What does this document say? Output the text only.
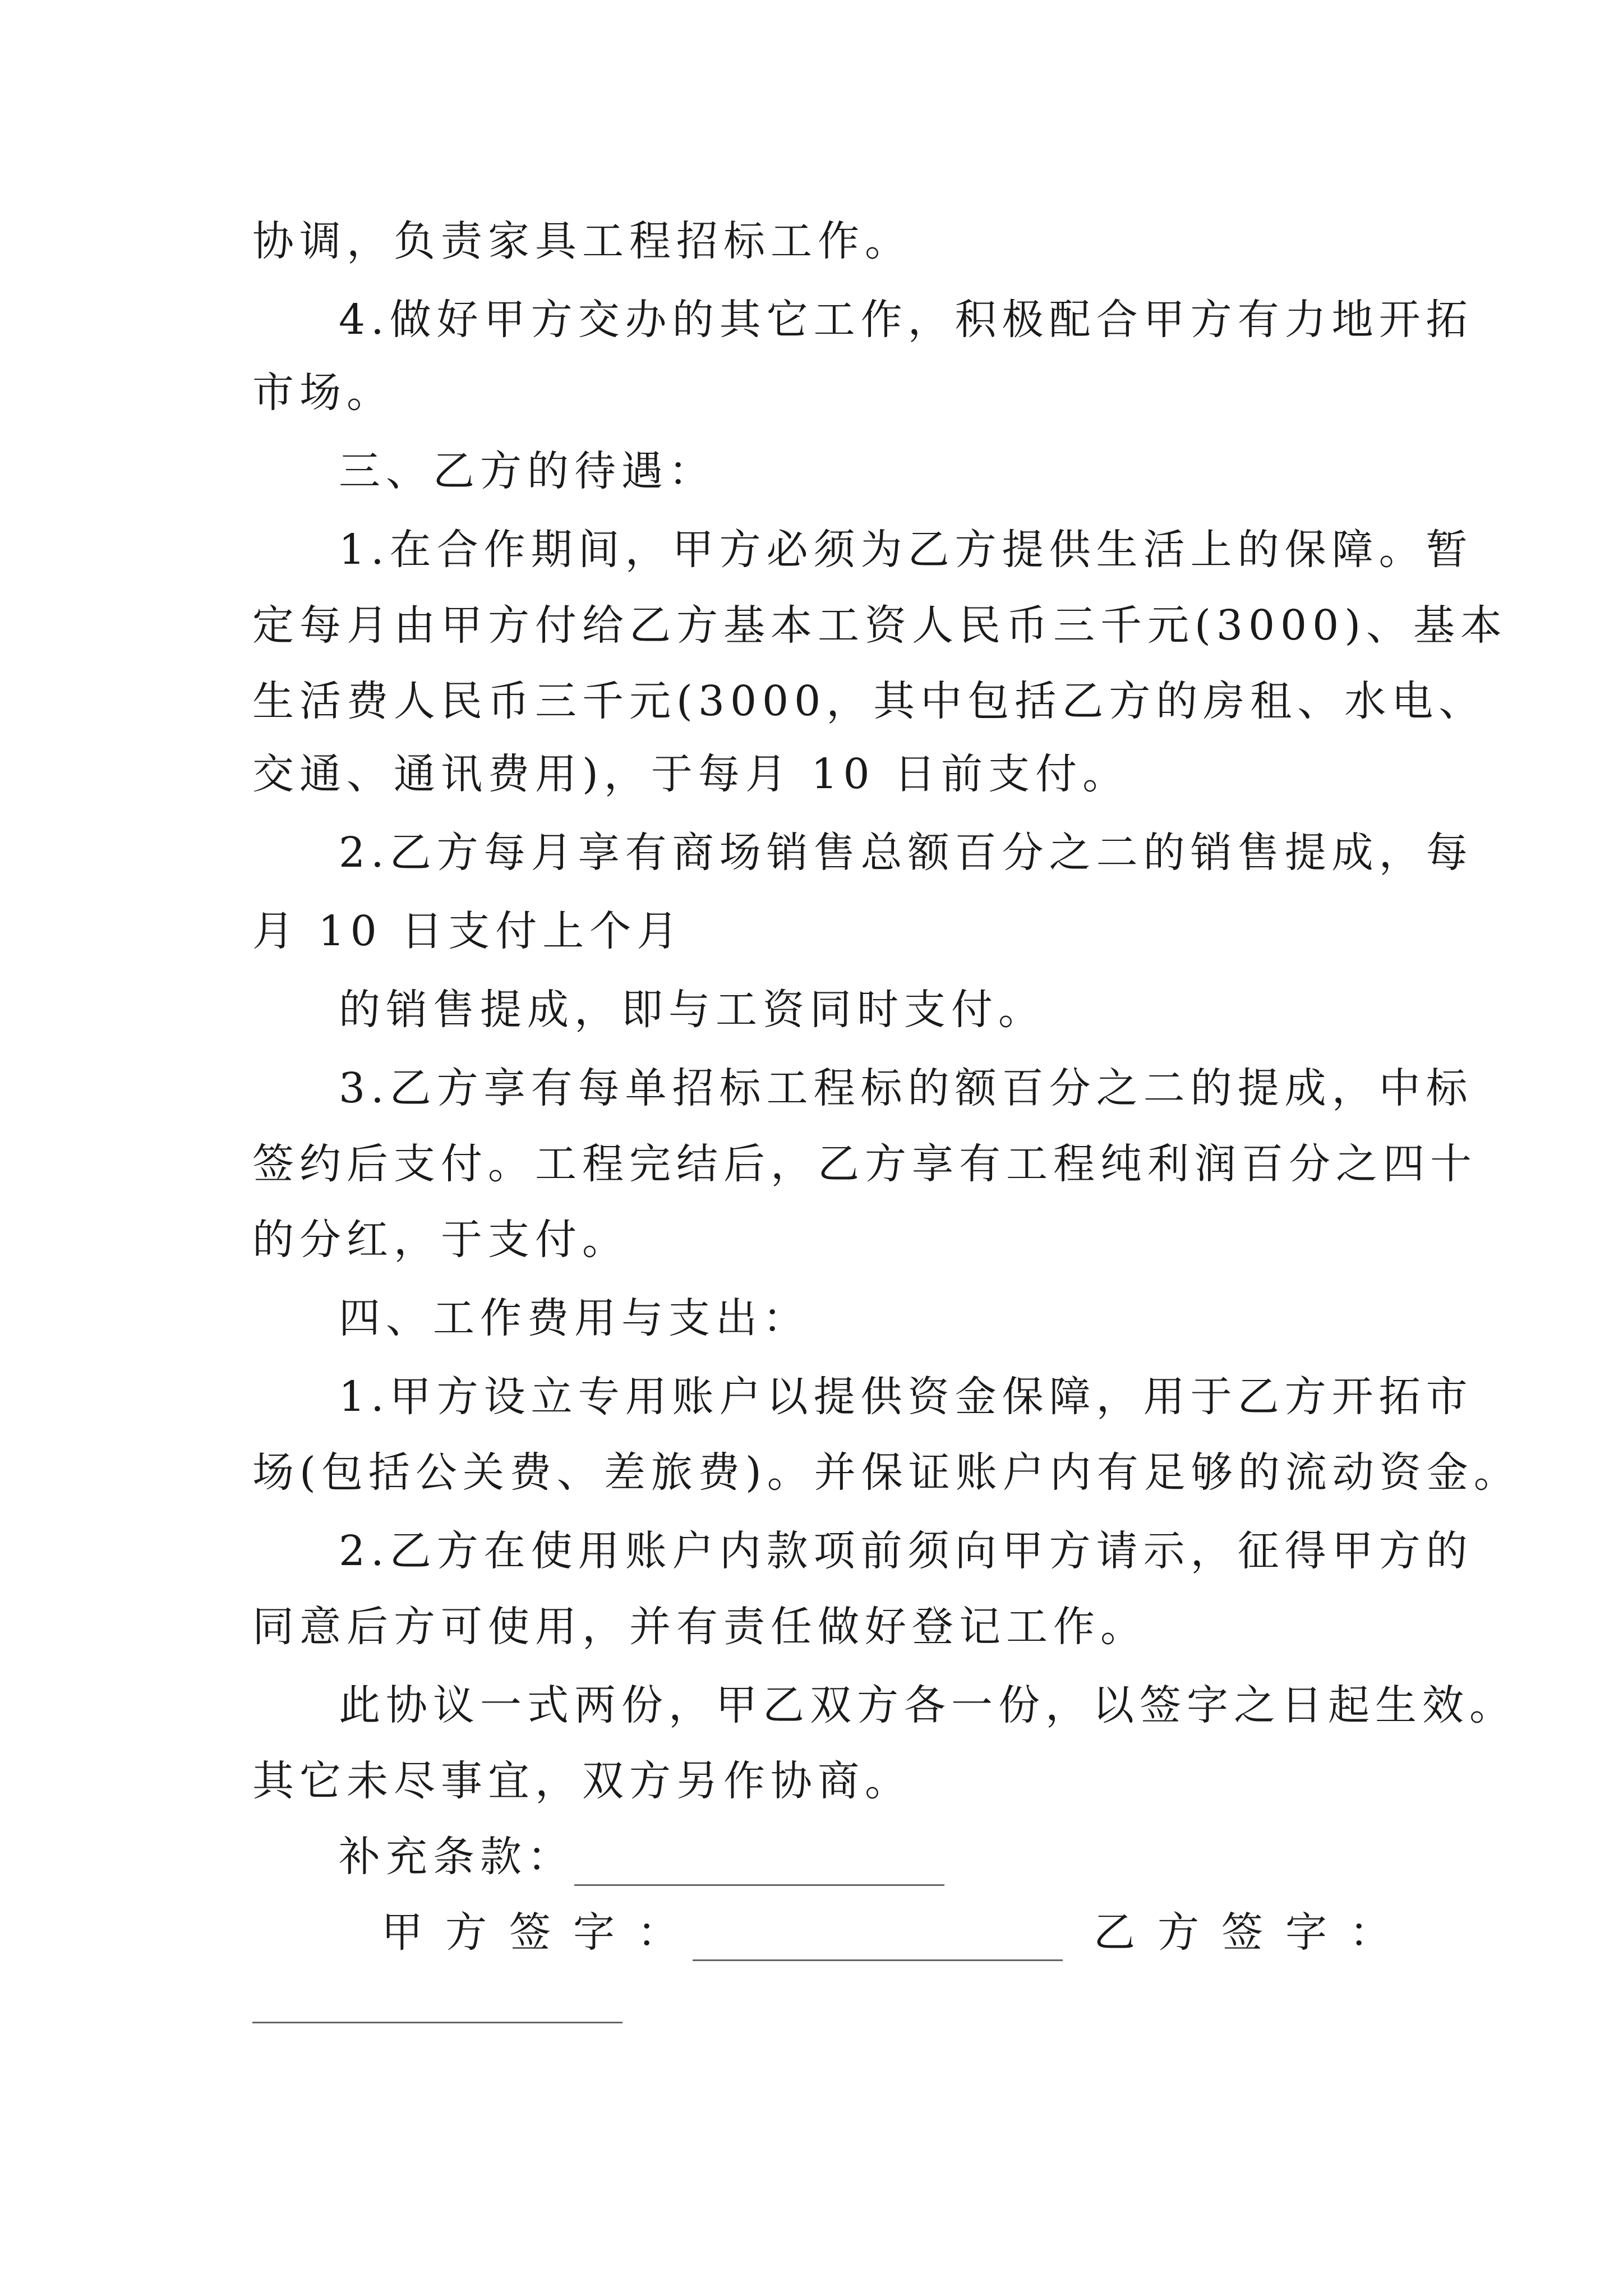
协调，负责家具工程招标工作。
4.做好甲方交办的其它工作，积极配合甲方有力地开拓
市场。
三、乙方的待遇：
1.在合作期间，甲方必须为乙方提供生活上的保障。暂
定每月由甲方付给乙方基本工资人民币三千元(3000)、基本
生活费人民币三千元(3000，其中包括乙方的房租、水电、
交通、通讯费用)，于每月 10 日前支付。
2.乙方每月享有商场销售总额百分之二的销售提成，每
月 10 日支付上个月
的销售提成，即与工资同时支付。
3.乙方享有每单招标工程标的额百分之二的提成，中标
签约后支付。工程完结后，乙方享有工程纯利润百分之四十
的分红，于支付。
四、工作费用与支出：
1.甲方设立专用账户以提供资金保障，用于乙方开拓市
场(包括公关费、差旅费)。并保证账户内有足够的流动资金。
2.乙方在使用账户内款项前须向甲方请示，征得甲方的
同意后方可使用，并有责任做好登记工作。
此协议一式两份，甲乙双方各一份，以签字之日起生效。
其它未尽事宜，双方另作协商。
补充条款：
甲方签字：	乙方签字：
